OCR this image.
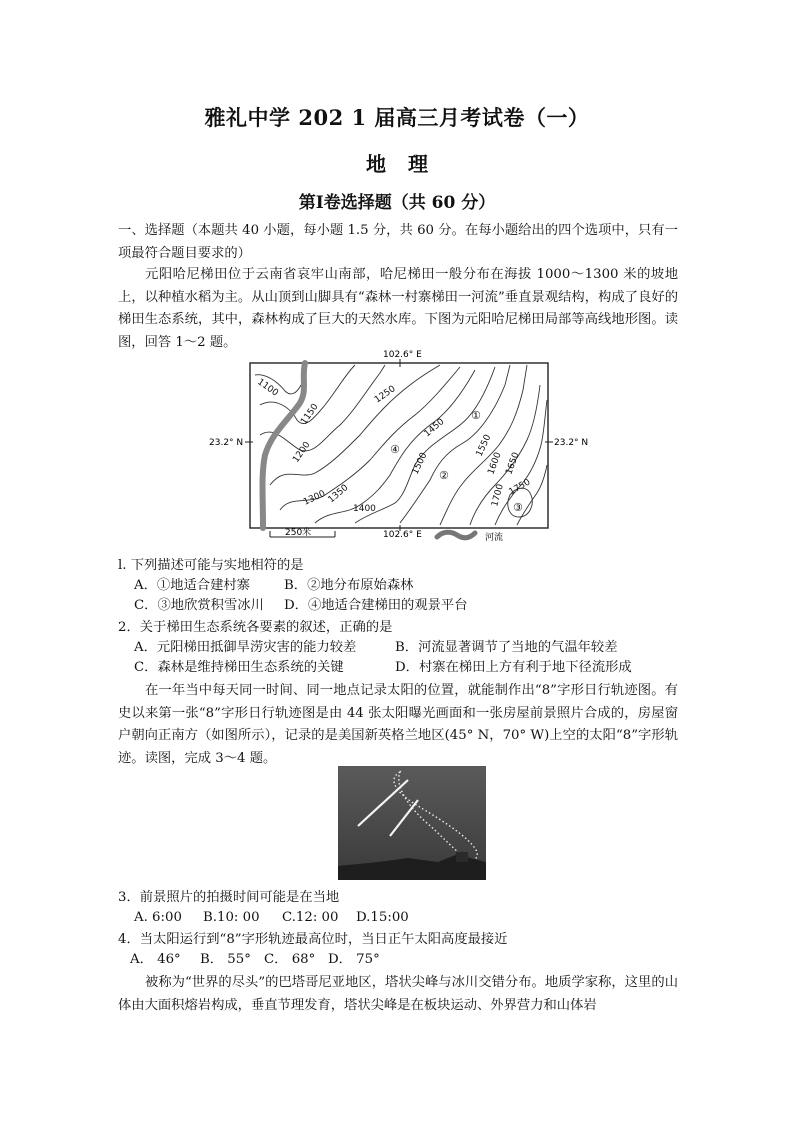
雅礼中学 202 1 届高三月考试卷（一）
地理
第Ⅰ卷选择题（共 60 分）

一、选择题（本题共 40 小题，每小题 1.5 分，共 60 分。在每小题给出的四个选项中，只有一项最符合题目要求的）

元阳哈尼梯田位于云南省哀牢山南部，哈尼梯田一般分布在海拔 1000～1300 米的坡地上，以种植水稻为主。从山顶到山脚具有“森林一村寨梯田一河流”垂直景观结构，构成了良好的梯田生态系统，其中，森林构成了巨大的天然水库。下图为元阳哈尼梯田局部等高线地形图。读图，回答 1～2 题。

102.6° E
102.6° E
23.2° N	23.2° N
1100
1150
1200
1250
1300 1350
1400
1450
1500
1550
1600 1650
1700 1750
①
②
③
④
250米	河流

l. 下列描述可能与实地相符的是

A．①地适合建村寨	B．②地分布原始森林
C．③地欣赏积雪冰川 D．④地适合建梯田的观景平台

2．关于梯田生态系统各要素的叙述，正确的是

A．元阳梯田抵御旱涝灾害的能力较差	B．河流显著调节了当地的气温年较差
C．森林是维持梯田生态系统的关键	D．村寨在梯田上方有利于地下径流形成

在一年当中每天同一时间、同一地点记录太阳的位置，就能制作出“8”字形日行轨迹图。有史以来第一张“8”字形日行轨迹图是由 44 张太阳曝光画面和一张房屋前景照片合成的，房屋窗户朝向正南方（如图所示），记录的是美国新英格兰地区(45° N，70° W)上空的太阳“8”字形轨迹。读图，完成 3～4 题。

3．前景照片的拍摄时间可能是在当地

A. 6:00 B.10: 00 C.12: 00 D.15:00

4．当太阳运行到“8”字形轨迹最高位时，当日正午太阳高度最接近

A． 46° B． 55° C． 68° D． 75°

被称为“世界的尽头”的巴塔哥尼亚地区，塔状尖峰与冰川交错分布。地质学家称，这里的山体由大面积熔岩构成，垂直节理发育，塔状尖峰是在板块运动、外界营力和山体岩
